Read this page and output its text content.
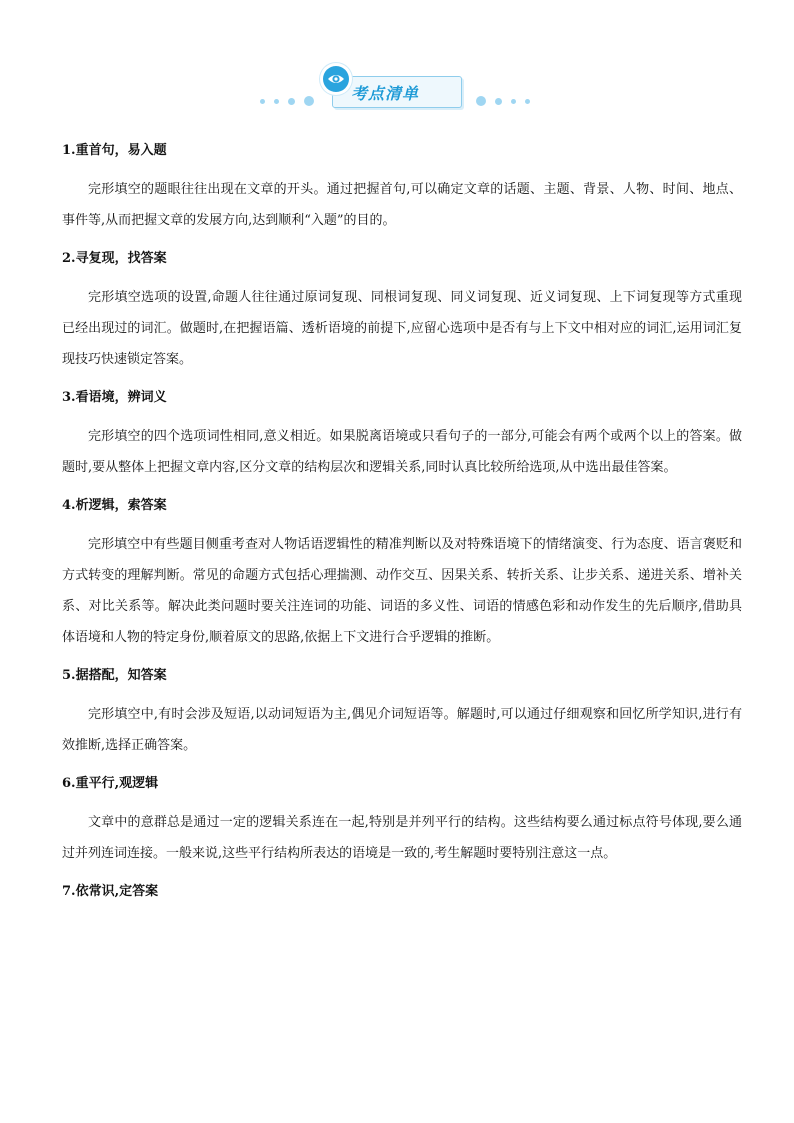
考点清单

1.重首句，易入题

完形填空的题眼往往出现在文章的开头。通过把握首句,可以确定文章的话题、主题、背景、人物、时间、地点、事件等,从而把握文章的发展方向,达到顺利“入题”的目的。

2.寻复现，找答案

完形填空选项的设置,命题人往往通过原词复现、同根词复现、同义词复现、近义词复现、上下词复现等方式重现已经出现过的词汇。做题时,在把握语篇、透析语境的前提下,应留心选项中是否有与上下文中相对应的词汇,运用词汇复现技巧快速锁定答案。

3.看语境，辨词义

完形填空的四个选项词性相同,意义相近。如果脱离语境或只看句子的一部分,可能会有两个或两个以上的答案。做题时,要从整体上把握文章内容,区分文章的结构层次和逻辑关系,同时认真比较所给选项,从中选出最佳答案。

4.析逻辑，索答案

完形填空中有些题目侧重考查对人物话语逻辑性的精准判断以及对特殊语境下的情绪演变、行为态度、语言褒贬和方式转变的理解判断。常见的命题方式包括心理揣测、动作交互、因果关系、转折关系、让步关系、递进关系、增补关系、对比关系等。解决此类问题时要关注连词的功能、词语的多义性、词语的情感色彩和动作发生的先后顺序,借助具体语境和人物的特定身份,顺着原文的思路,依据上下文进行合乎逻辑的推断。

5.据搭配，知答案

完形填空中,有时会涉及短语,以动词短语为主,偶见介词短语等。解题时,可以通过仔细观察和回忆所学知识,进行有效推断,选择正确答案。

6.重平行,观逻辑

文章中的意群总是通过一定的逻辑关系连在一起,特别是并列平行的结构。这些结构要么通过标点符号体现,要么通过并列连词连接。一般来说,这些平行结构所表达的语境是一致的,考生解题时要特别注意这一点。

7.依常识,定答案
